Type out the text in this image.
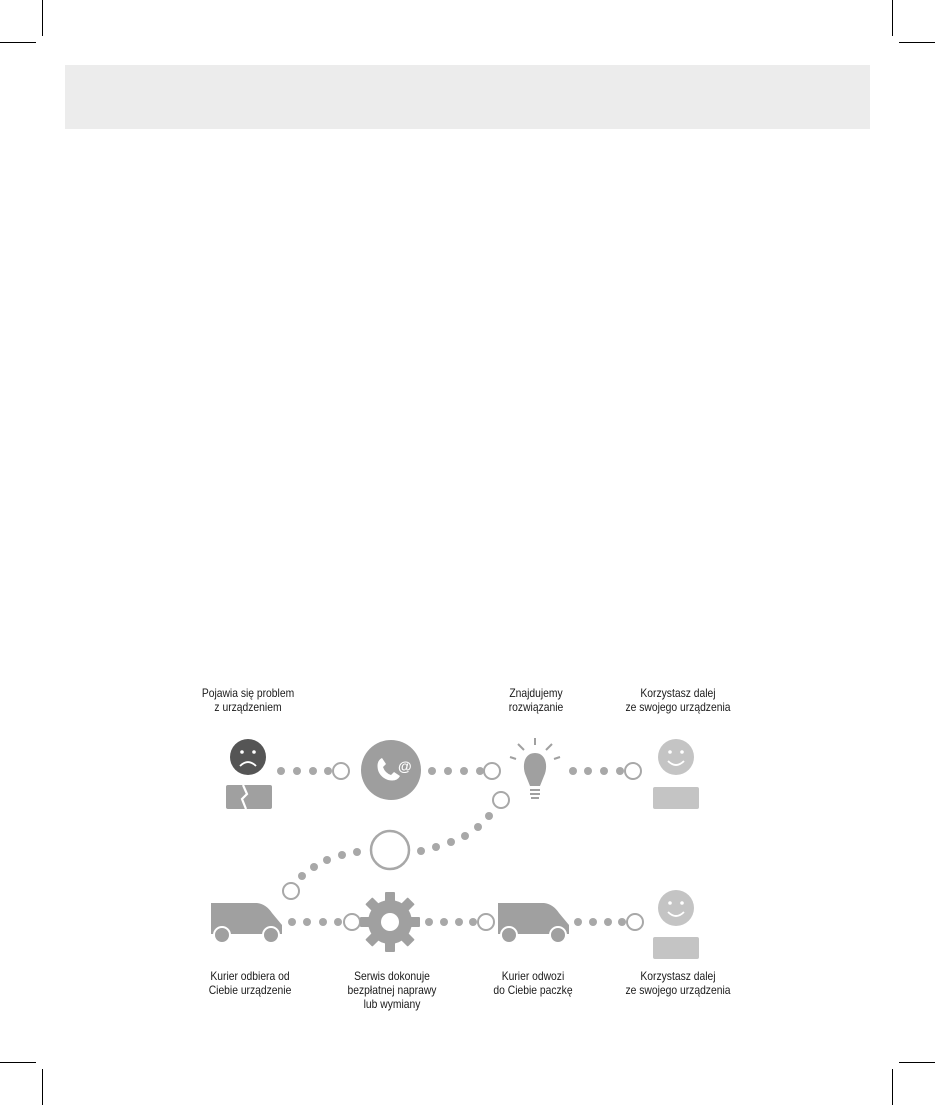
Pojawia się problem
z urządzeniem
Znajdujemy
rozwiązanie
Korzystasz dalej
ze swojego urządzenia
Kurier odbiera od
Ciebie urządzenie
Serwis dokonuje
bezpłatnej naprawy
lub wymiany
Kurier odwozi
do Ciebie paczkę
Korzystasz dalej
ze swojego urządzenia
@
